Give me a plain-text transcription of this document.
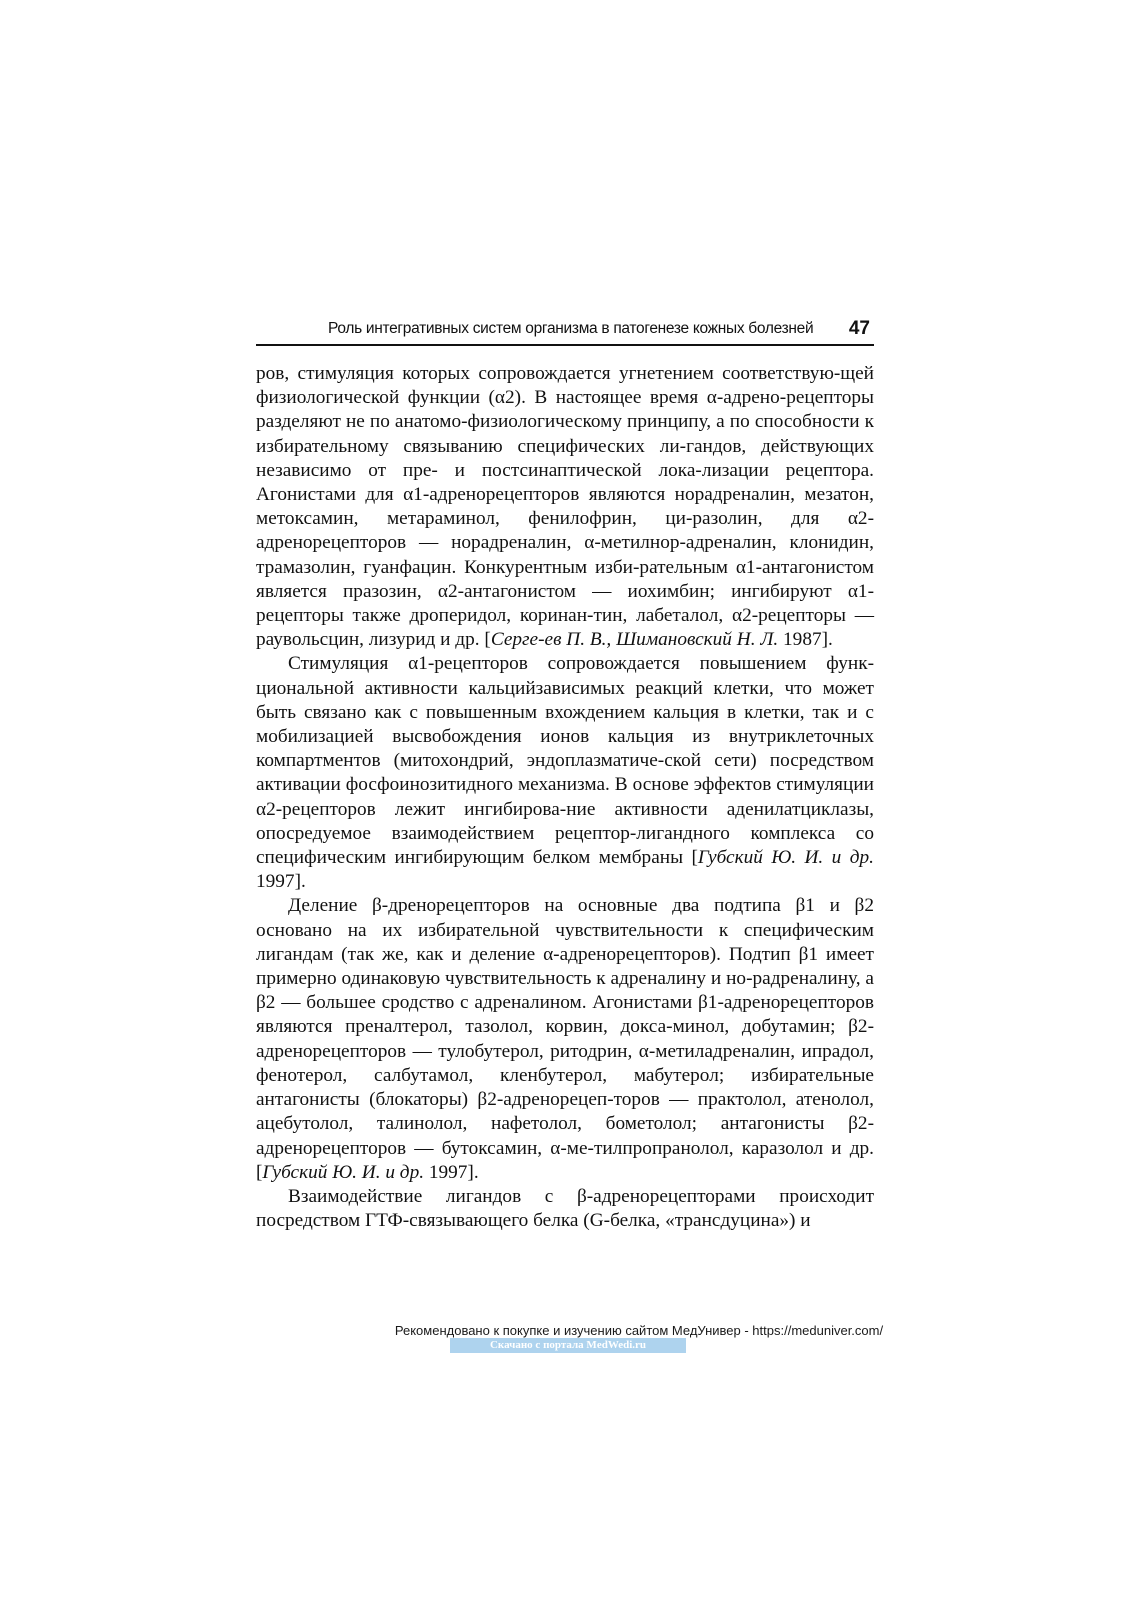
Роль интегративных систем организма в патогенезе кожных болезней 47

ров, стимуляция которых сопровождается угнетением соответствую-щей физиологической функции (α2). В настоящее время α-адрено-рецепторы разделяют не по анатомо-физиологическому принципу, а по способности к избирательному связыванию специфических ли-гандов, действующих независимо от пре- и постсинаптической лока-лизации рецептора. Агонистами для α1-адренорецепторов являются норадреналин, мезатон, метоксамин, метараминол, фенилофрин, ци-разолин, для α2-адренорецепторов — норадреналин, α-метилнор-адреналин, клонидин, трамазолин, гуанфацин. Конкурентным изби-рательным α1-антагонистом является празозин, α2-антагонистом — иохимбин; ингибируют α1-рецепторы также дроперидол, коринан-тин, лабеталол, α2-рецепторы — раувольсцин, лизурид и др. [Серге-ев П. В., Шимановский Н. Л. 1987].

Стимуляция α1-рецепторов сопровождается повышением функ-циональной активности кальцийзависимых реакций клетки, что может быть связано как с повышенным вхождением кальция в клетки, так и с мобилизацией высвобождения ионов кальция из внутриклеточных компартментов (митохондрий, эндоплазматиче-ской сети) посредством активации фосфоинозитидного механизма. В основе эффектов стимуляции α2-рецепторов лежит ингибирова-ние активности аденилатциклазы, опосредуемое взаимодействием рецептор-лигандного комплекса со специфическим ингибирующим белком мембраны [Губский Ю. И. и др. 1997].

Деление β-дренорецепторов на основные два подтипа β1 и β2 основано на их избирательной чувствительности к специфическим лигандам (так же, как и деление α-адренорецепторов). Подтип β1 имеет примерно одинаковую чувствительность к адреналину и но-радреналину, а β2 — большее сродство с адреналином. Агонистами β1-адренорецепторов являются преналтерол, тазолол, корвин, докса-минол, добутамин; β2-адренорецепторов — тулобутерол, ритодрин, α-метиладреналин, ипрадол, фенотерол, салбутамол, кленбутерол, мабутерол; избирательные антагонисты (блокаторы) β2-адренорецеп-торов — практолол, атенолол, ацебутолол, талинолол, нафетолол, бометолол; антагонисты β2-адренорецепторов — бутоксамин, α-ме-тилпропранолол, каразолол и др. [Губский Ю. И. и др. 1997].

Взаимодействие лигандов с β-адренорецепторами происходит посредством ГТФ-связывающего белка (G-белка, «трансдуцина») и

Рекомендовано к покупке и изучению сайтом МедУнивер - https://meduniver.com/
Скачано с портала MedWedi.ru
